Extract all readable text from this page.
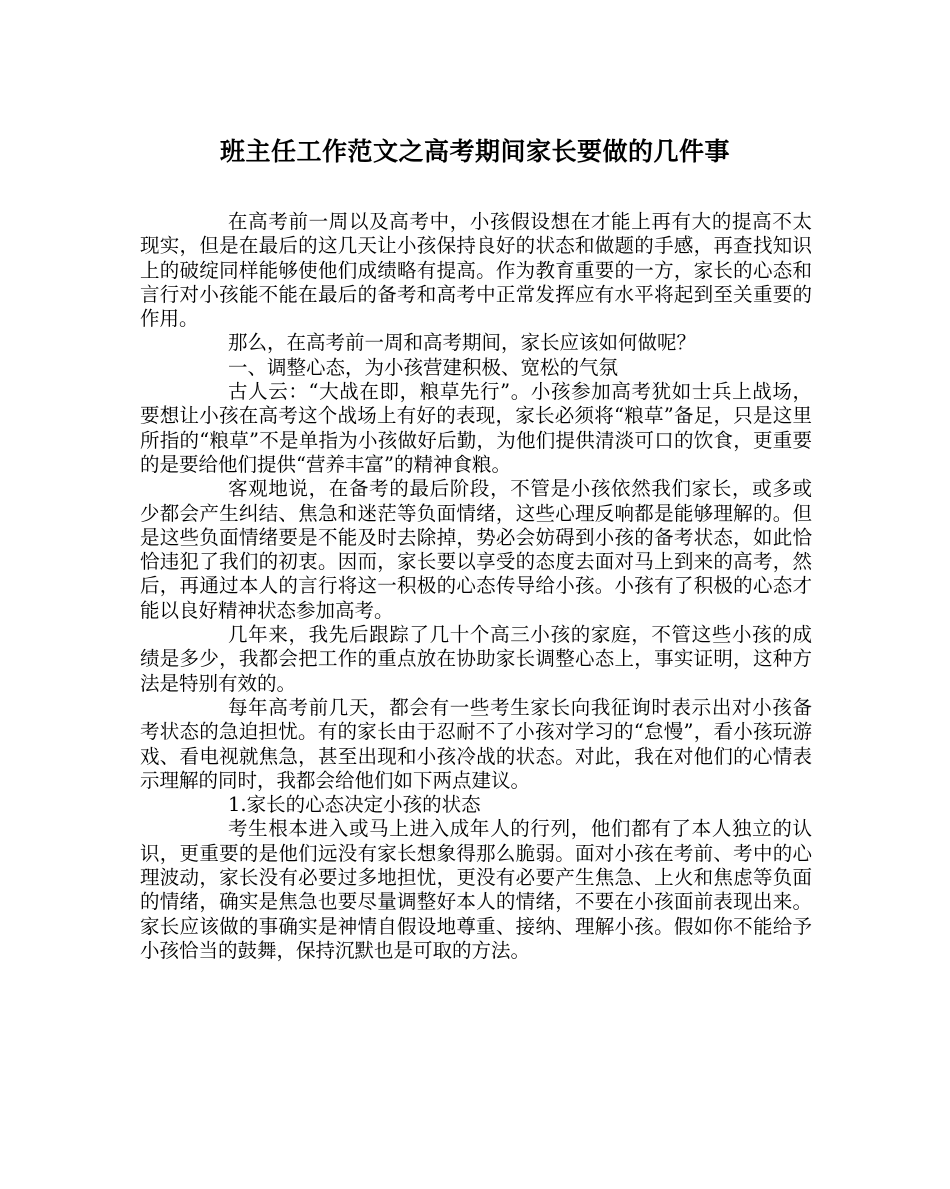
班主任工作范文之高考期间家长要做的几件事

在高考前一周以及高考中，小孩假设想在才能上再有大的提高不太现实，但是在最后的这几天让小孩保持良好的状态和做题的手感，再查找知识上的破绽同样能够使他们成绩略有提高。作为教育重要的一方，家长的心态和言行对小孩能不能在最后的备考和高考中正常发挥应有水平将起到至关重要的作用。

那么，在高考前一周和高考期间，家长应该如何做呢？

一、调整心态，为小孩营建积极、宽松的气氛

古人云：“大战在即，粮草先行”。小孩参加高考犹如士兵上战场，要想让小孩在高考这个战场上有好的表现，家长必须将“粮草”备足，只是这里所指的“粮草”不是单指为小孩做好后勤，为他们提供清淡可口的饮食，更重要的是要给他们提供“营养丰富”的精神食粮。

客观地说，在备考的最后阶段，不管是小孩依然我们家长，或多或少都会产生纠结、焦急和迷茫等负面情绪，这些心理反响都是能够理解的。但是这些负面情绪要是不能及时去除掉，势必会妨碍到小孩的备考状态，如此恰恰违犯了我们的初衷。因而，家长要以享受的态度去面对马上到来的高考，然后，再通过本人的言行将这一积极的心态传导给小孩。小孩有了积极的心态才能以良好精神状态参加高考。

几年来，我先后跟踪了几十个高三小孩的家庭，不管这些小孩的成绩是多少，我都会把工作的重点放在协助家长调整心态上，事实证明，这种方法是特别有效的。

每年高考前几天，都会有一些考生家长向我征询时表示出对小孩备考状态的急迫担忧。有的家长由于忍耐不了小孩对学习的“怠慢”，看小孩玩游戏、看电视就焦急，甚至出现和小孩冷战的状态。对此，我在对他们的心情表示理解的同时，我都会给他们如下两点建议。

1.家长的心态决定小孩的状态

考生根本进入或马上进入成年人的行列，他们都有了本人独立的认识，更重要的是他们远没有家长想象得那么脆弱。面对小孩在考前、考中的心理波动，家长没有必要过多地担忧，更没有必要产生焦急、上火和焦虑等负面的情绪，确实是焦急也要尽量调整好本人的情绪，不要在小孩面前表现出来。家长应该做的事确实是神情自假设地尊重、接纳、理解小孩。假如你不能给予小孩恰当的鼓舞，保持沉默也是可取的方法。
